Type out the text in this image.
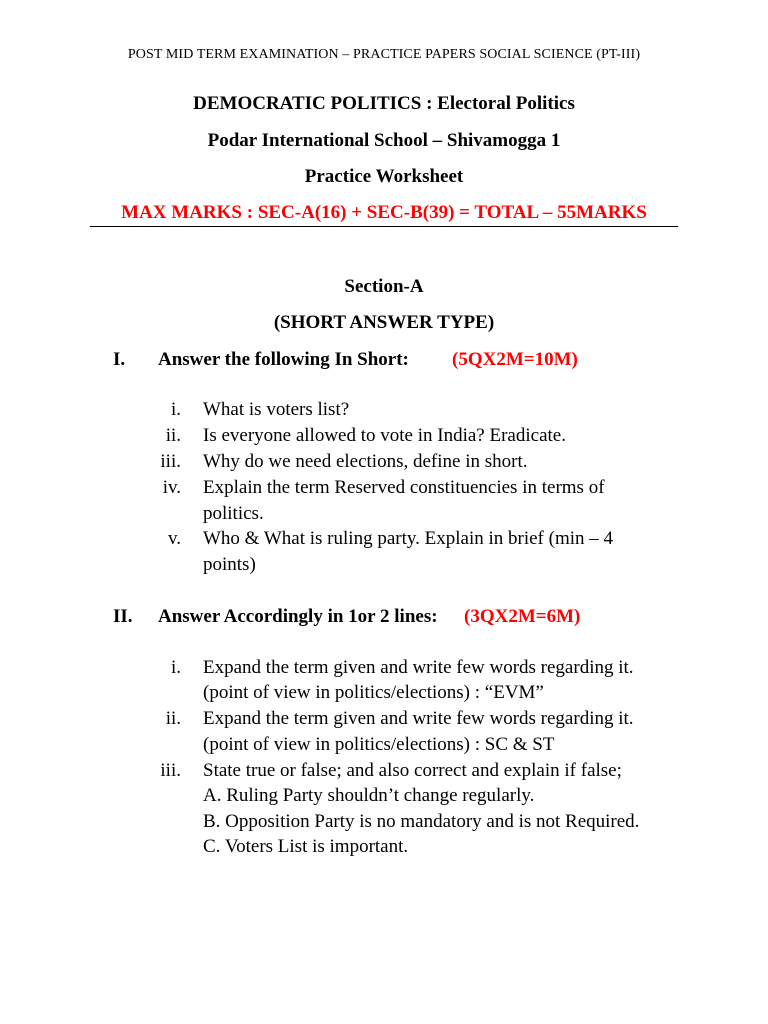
POST MID TERM EXAMINATION – PRACTICE PAPERS SOCIAL SCIENCE (PT-III)
DEMOCRATIC POLITICS : Electoral Politics
Podar International School – Shivamogga 1
Practice Worksheet
MAX MARKS : SEC-A(16) + SEC-B(39) = TOTAL – 55MARKS
Section-A
(SHORT ANSWER TYPE)
I. Answer the following In Short: (5QX2M=10M)
i. What is voters list?
ii. Is everyone allowed to vote in India? Eradicate.
iii. Why do we need elections, define in short.
iv. Explain the term Reserved constituencies in terms of
politics.
v. Who & What is ruling party. Explain in brief (min – 4
points)
II. Answer Accordingly in 1or 2 lines: (3QX2M=6M)
i. Expand the term given and write few words regarding it.
(point of view in politics/elections) : “EVM”
ii. Expand the term given and write few words regarding it.
(point of view in politics/elections) : SC & ST
iii. State true or false; and also correct and explain if false;
A. Ruling Party shouldn’t change regularly.
B. Opposition Party is no mandatory and is not Required.
C. Voters List is important.
